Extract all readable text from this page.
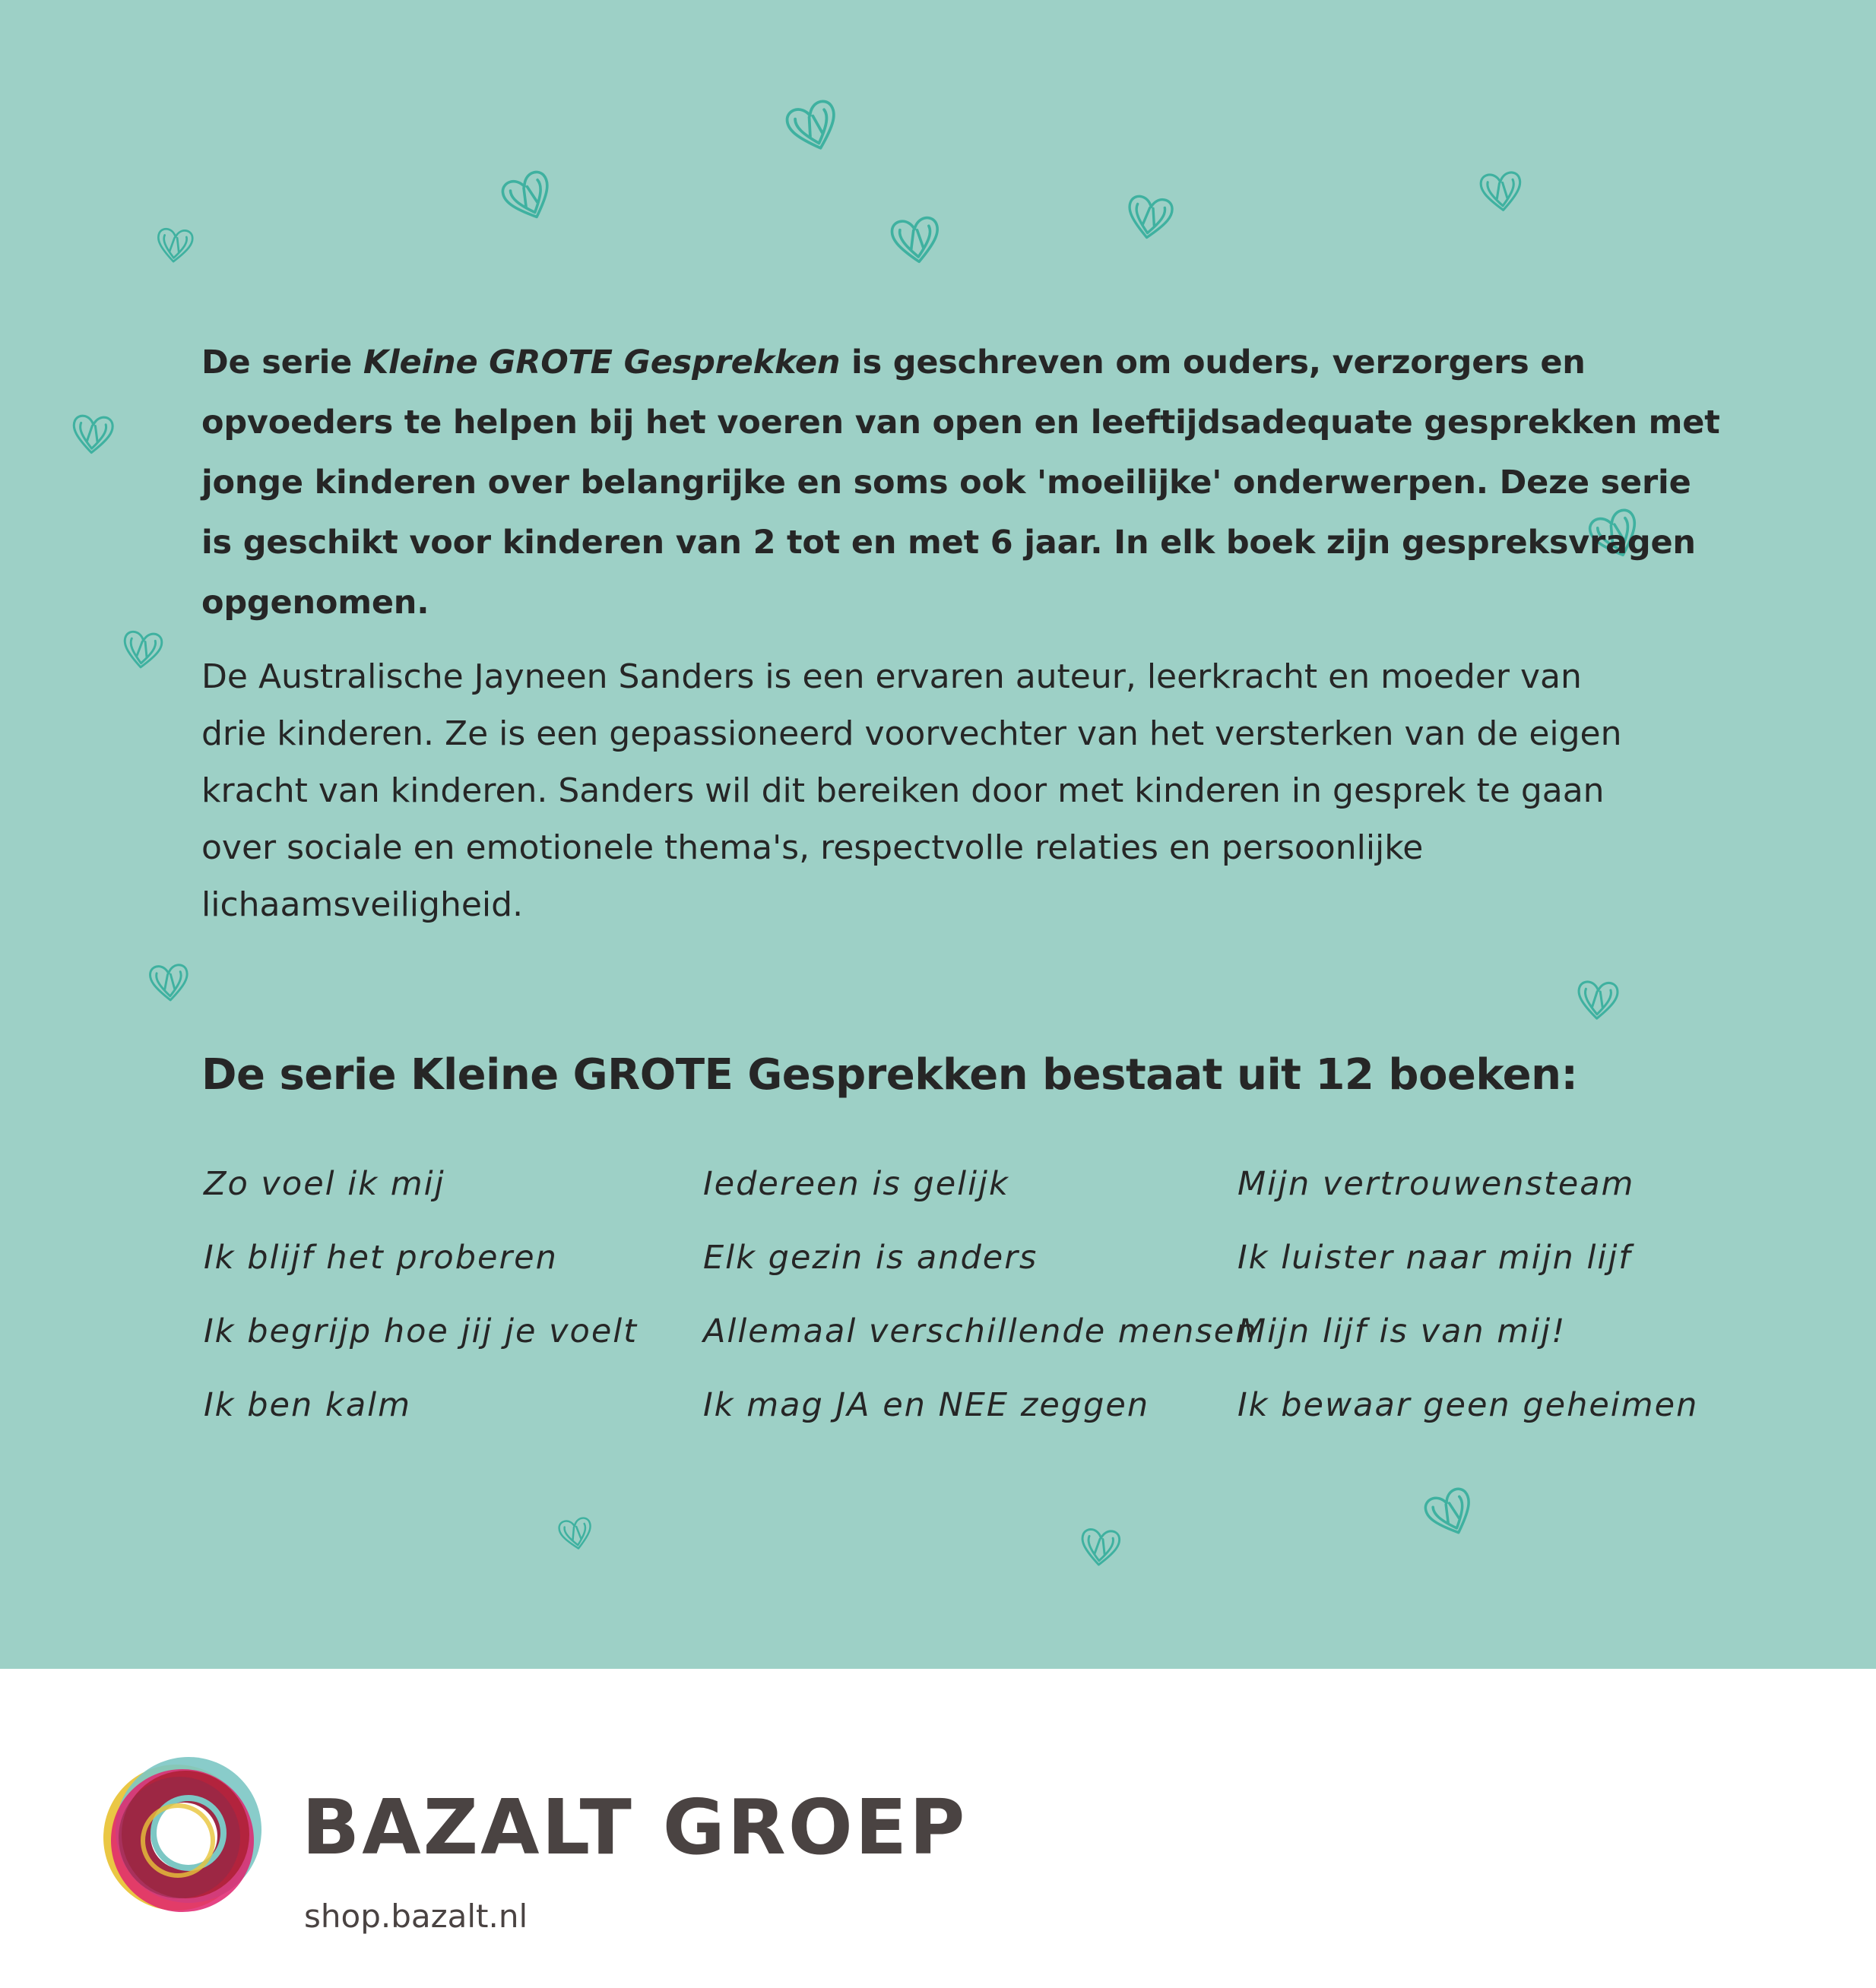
De serie Kleine GROTE Gesprekken is geschreven om ouders, verzorgers en opvoeders te helpen bij het voeren van open en leeftijdsadequate gesprekken met jonge kinderen over belangrijke en soms ook 'moeilijke' onderwerpen. Deze serie is geschikt voor kinderen van 2 tot en met 6 jaar. In elk boek zijn gespreksvragen opgenomen.

De Australische Jayneen Sanders is een ervaren auteur, leerkracht en moeder van drie kinderen. Ze is een gepassioneerd voorvechter van het versterken van de eigen kracht van kinderen. Sanders wil dit bereiken door met kinderen in gesprek te gaan over sociale en emotionele thema's, respectvolle relaties en persoonlijke lichaamsveiligheid.

De serie Kleine GROTE Gesprekken bestaat uit 12 boeken:
Zo voel ik mij
Ik blijf het proberen
Ik begrijp hoe jij je voelt
Ik ben kalm
Iedereen is gelijk
Elk gezin is anders
Allemaal verschillende mensen
Ik mag JA en NEE zeggen
Mijn vertrouwensteam
Ik luister naar mijn lijf
Mijn lijf is van mij!
Ik bewaar geen geheimen
BAZALT GROEP

shop.bazalt.nl
